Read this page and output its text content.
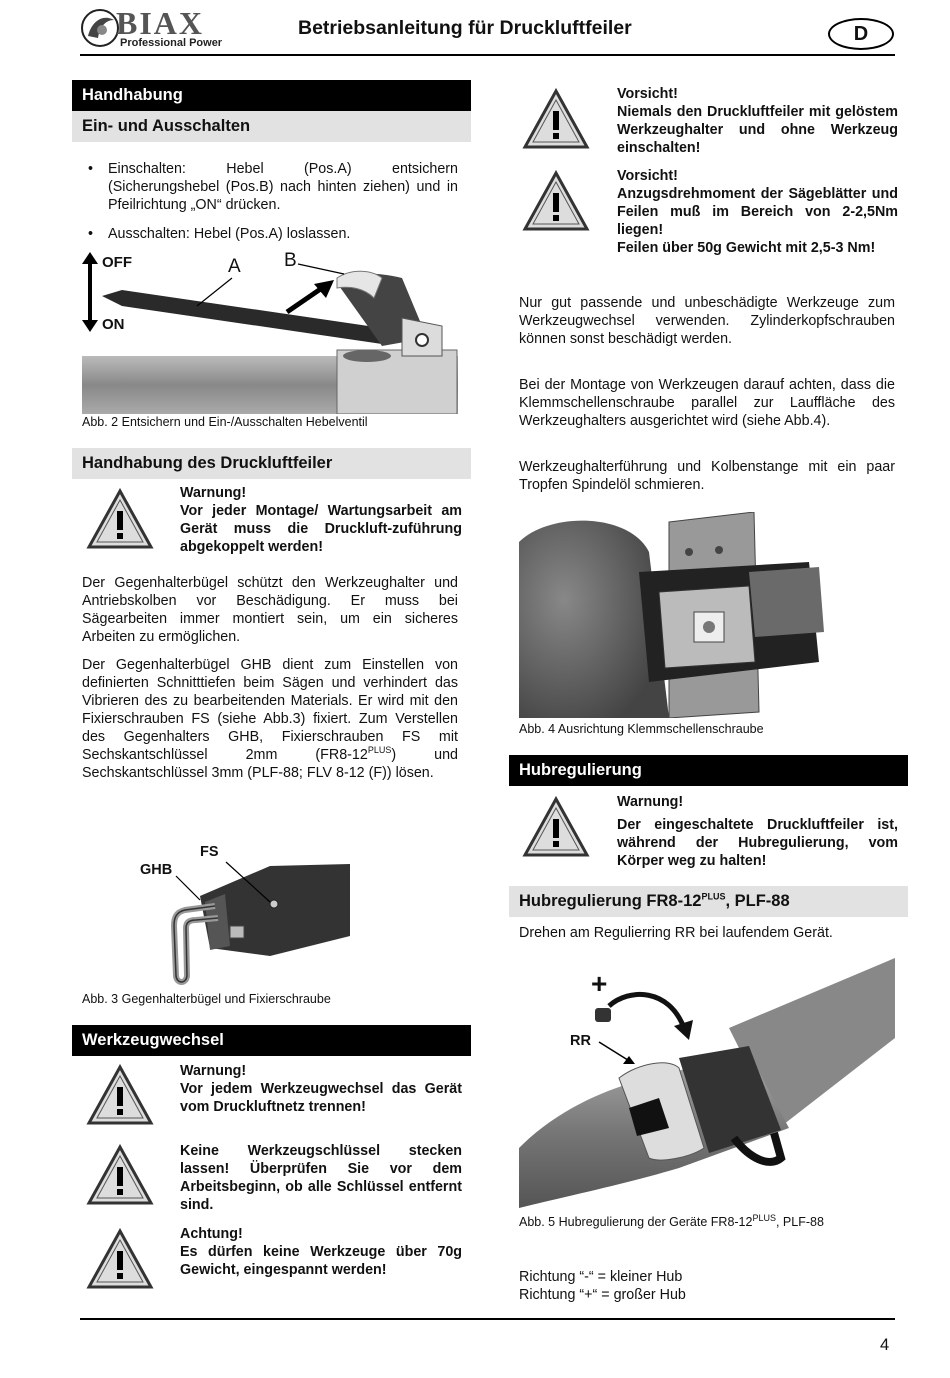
BIAX
Professional Power
Betriebsanleitung für Druckluftfeiler	D
Handhabung
Ein- und Ausschalten
• Einschalten: Hebel (Pos.A) entsichern (Sicherungshebel (Pos.B) nach hinten ziehen) und in Pfeilrichtung „ON“ drücken.
• Ausschalten: Hebel (Pos.A) loslassen.
OFF
ON
A B
Abb. 2 Entsichern und Ein-/Ausschalten Hebelventil
Handhabung des Druckluftfeiler
Warnung!
Vor jeder Montage/ Wartungsarbeit am Gerät muss die Druckluft-zuführung abgekoppelt werden!
Der Gegenhalterbügel schützt den Werkzeughalter und Antriebskolben vor Beschädigung. Er muss bei Sägearbeiten immer montiert sein, um ein sicheres Arbeiten zu ermöglichen.
Der Gegenhalterbügel GHB dient zum Einstellen von definierten Schnitttiefen beim Sägen und verhindert das Vibrieren des zu bearbeitenden Materials. Er wird mit den Fixierschrauben FS (siehe Abb.3) fixiert. Zum Verstellen des Gegenhalters GHB, Fixierschrauben FS mit Sechskantschlüssel 2mm $(FR8-12^{PLUS})$ und Sechskantschlüssel 3mm (PLF-88; FLV 8-12 (F)) lösen.
FS
GHB
Abb. 3 Gegenhalterbügel und Fixierschraube
Werkzeugwechsel
Warnung!
Vor jedem Werkzeugwechsel das Gerät vom Druckluftnetz trennen!
Keine Werkzeugschlüssel stecken lassen! Überprüfen Sie vor dem Arbeitsbeginn, ob alle Schlüssel entfernt sind.
Achtung!
Es dürfen keine Werkzeuge über 70g Gewicht, eingespannt werden!
Vorsicht!
Niemals den Druckluftfeiler mit gelöstem Werkzeughalter und ohne Werkzeug einschalten!
Vorsicht!
Anzugsdrehmoment der Sägeblätter und Feilen muß im Bereich von 2-2,5Nm liegen!
Feilen über 50g Gewicht mit 2,5-3 Nm!
Nur gut passende und unbeschädigte Werkzeuge zum Werkzeugwechsel verwenden. Zylinderkopfschrauben können sonst beschädigt werden.
Bei der Montage von Werkzeugen darauf achten, dass die Klemmschellenschraube parallel zur Lauffläche des Werkzeughalters ausgerichtet wird (siehe Abb.4).
Werkzeughalterführung und Kolbenstange mit ein paar Tropfen Spindelöl schmieren.
Abb. 4 Ausrichtung Klemmschellenschraube
Hubregulierung
Warnung!
Der eingeschaltete Druckluftfeiler ist, während der Hubregulierung, vom Körper weg zu halten!
Hubregulierung $FR8-12^{PLUS}$, PLF-88
Drehen am Regulierring RR bei laufendem Gerät.
+
-
RR
Abb. 5 Hubregulierung der Geräte $FR8-12^{PLUS}$, PLF-88
Richtung “-“ = kleiner Hub
Richtung “+“ = großer Hub
4
